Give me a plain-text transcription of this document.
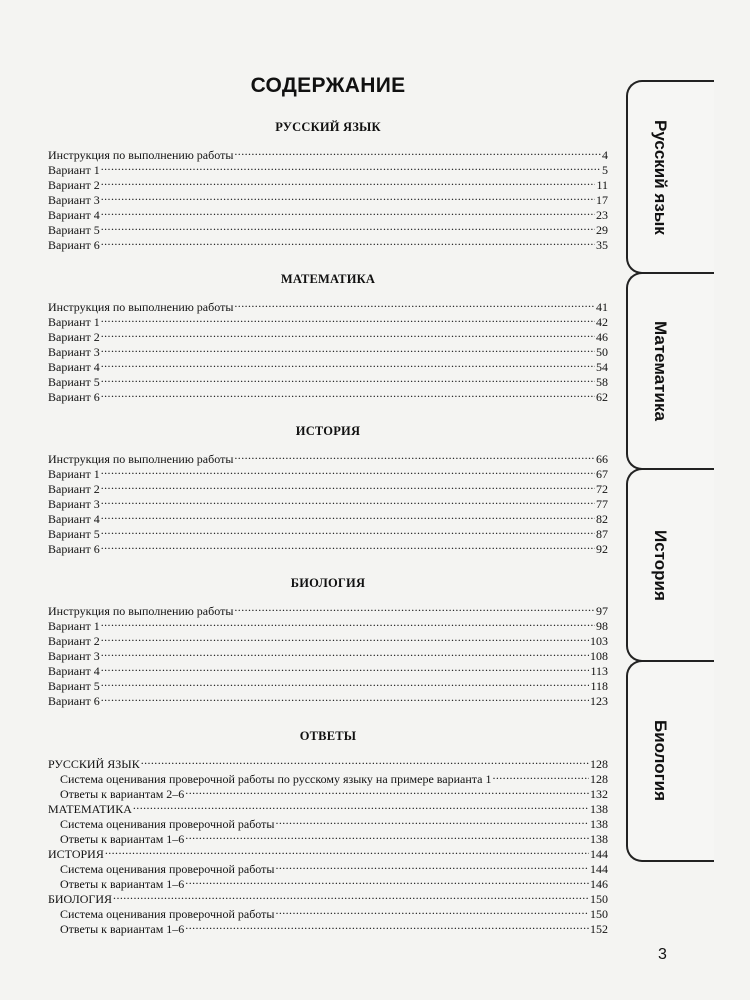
СОДЕРЖАНИЕ
РУССКИЙ ЯЗЫК
Инструкция по выполнению работы .....	4
Вариант 1 .....	5
Вариант 2 .....	11
Вариант 3 .....	17
Вариант 4 .....	23
Вариант 5 .....	29
Вариант 6 .....	35
МАТЕМАТИКА
Инструкция по выполнению работы .....	41
Вариант 1 .....	42
Вариант 2 .....	46
Вариант 3 .....	50
Вариант 4 .....	54
Вариант 5 .....	58
Вариант 6 .....	62
ИСТОРИЯ
Инструкция по выполнению работы .....	66
Вариант 1 .....	67
Вариант 2 .....	72
Вариант 3 .....	77
Вариант 4 .....	82
Вариант 5 .....	87
Вариант 6 .....	92
БИОЛОГИЯ
Инструкция по выполнению работы .....	97
Вариант 1 .....	98
Вариант 2 .....	103
Вариант 3 .....	108
Вариант 4 .....	113
Вариант 5 .....	118
Вариант 6 .....	123
ОТВЕТЫ
РУССКИЙ ЯЗЫК .....	128
Система оценивания проверочной работы по русскому языку на примере варианта 1 .....	128
Ответы к вариантам 2–6 .....	132
МАТЕМАТИКА .....	138
Система оценивания проверочной работы .....	138
Ответы к вариантам 1–6 .....	138
ИСТОРИЯ .....	144
Система оценивания проверочной работы .....	144
Ответы к вариантам 1–6 .....	146
БИОЛОГИЯ .....	150
Система оценивания проверочной работы .....	150
Ответы к вариантам 1–6 .....	152
Русский язык
Математика
История
Биология
3
